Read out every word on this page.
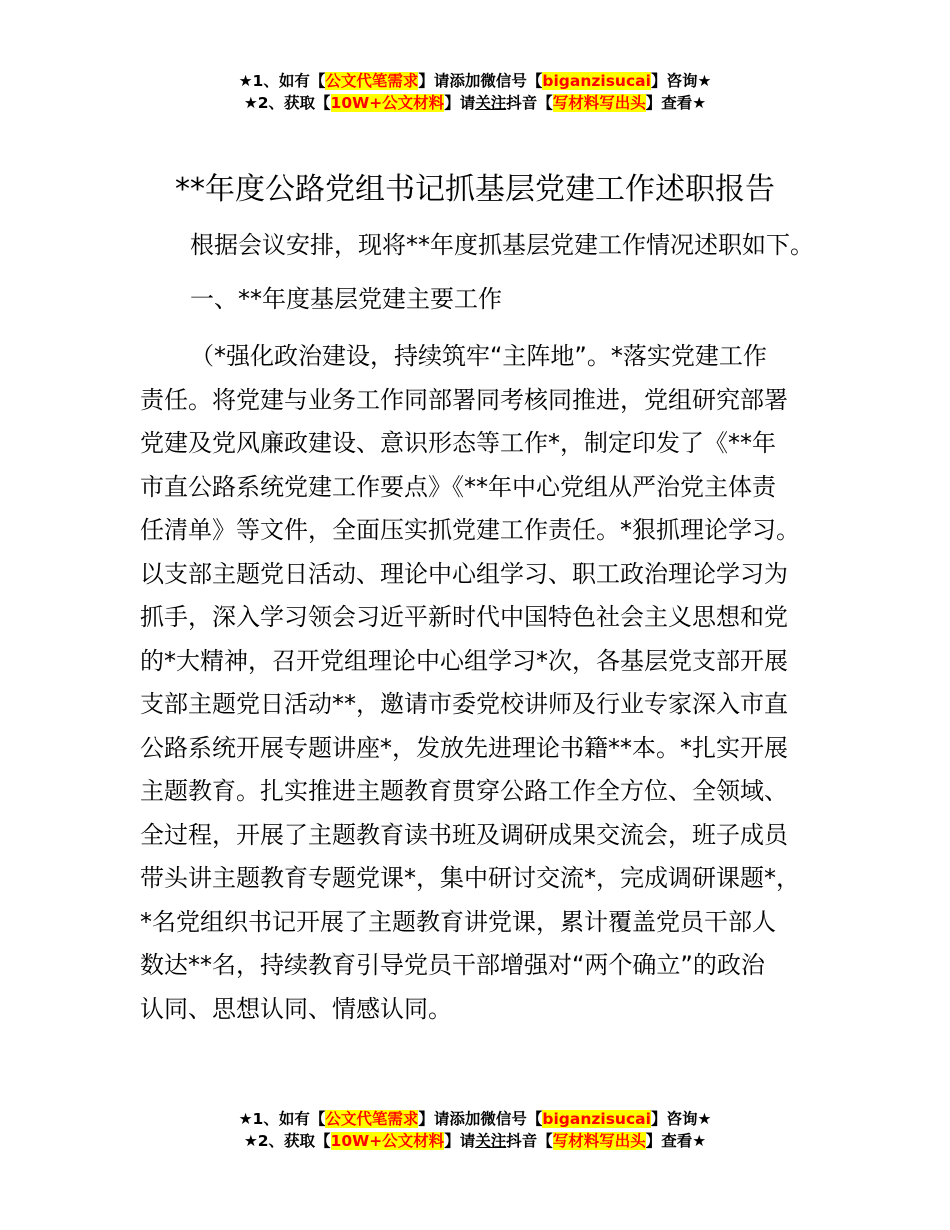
★1、如有【公文代笔需求】请添加微信号【biganzisucai】咨询★
★2、获取【10W+公文材料】请关注抖音【写材料写出头】查看★
**年度公路党组书记抓基层党建工作述职报告
根据会议安排，现将**年度抓基层党建工作情况述职如下。
一、**年度基层党建主要工作
（*强化政治建设，持续筑牢“主阵地”。*落实党建工作
责任。将党建与业务工作同部署同考核同推进，党组研究部署
党建及党风廉政建设、意识形态等工作*，制定印发了《**年
市直公路系统党建工作要点》《**年中心党组从严治党主体责
任清单》等文件，全面压实抓党建工作责任。*狠抓理论学习。
以支部主题党日活动、理论中心组学习、职工政治理论学习为
抓手，深入学习领会习近平新时代中国特色社会主义思想和党
的*大精神，召开党组理论中心组学习*次，各基层党支部开展
支部主题党日活动**，邀请市委党校讲师及行业专家深入市直
公路系统开展专题讲座*，发放先进理论书籍**本。*扎实开展
主题教育。扎实推进主题教育贯穿公路工作全方位、全领域、
全过程，开展了主题教育读书班及调研成果交流会，班子成员
带头讲主题教育专题党课*，集中研讨交流*，完成调研课题*，
*名党组织书记开展了主题教育讲党课，累计覆盖党员干部人
数达**名，持续教育引导党员干部增强对“两个确立”的政治
认同、思想认同、情感认同。
★1、如有【公文代笔需求】请添加微信号【biganzisucai】咨询★
★2、获取【10W+公文材料】请关注抖音【写材料写出头】查看★
